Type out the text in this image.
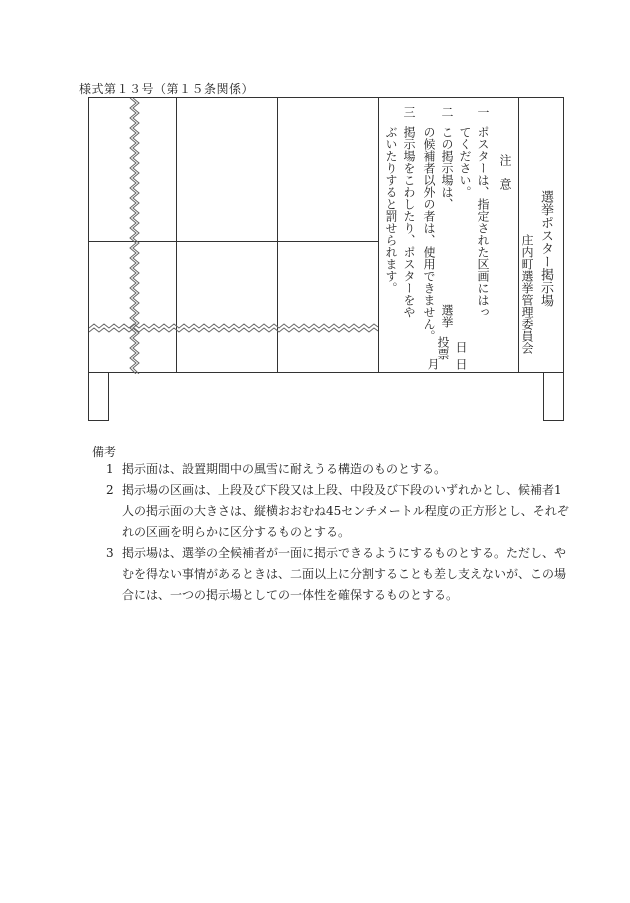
様式第１３号（第１５条関係）
選挙ポスター掲示場
庄内町選挙管理委員会
注　意
一
ポスターは、指定された区画にはっ
てください。
二
この掲示場は、
の候補者以外の者は、使用できません。
三
掲示場をこわしたり、ポスターをや
ぶいたりすると罰せられます。
選挙
日
投票
日
月
備考
1 掲示面は、設置期間中の風雪に耐えうる構造のものとする。
2 掲示場の区画は、上段及び下段又は上段、中段及び下段のいずれかとし、候補者1
人の掲示面の大きさは、縦横おおむね45センチメートル程度の正方形とし、それぞ
れの区画を明らかに区分するものとする。
3 掲示場は、選挙の全候補者が一面に掲示できるようにするものとする。ただし、や
むを得ない事情があるときは、二面以上に分割することも差し支えないが、この場
合には、一つの掲示場としての一体性を確保するものとする。
